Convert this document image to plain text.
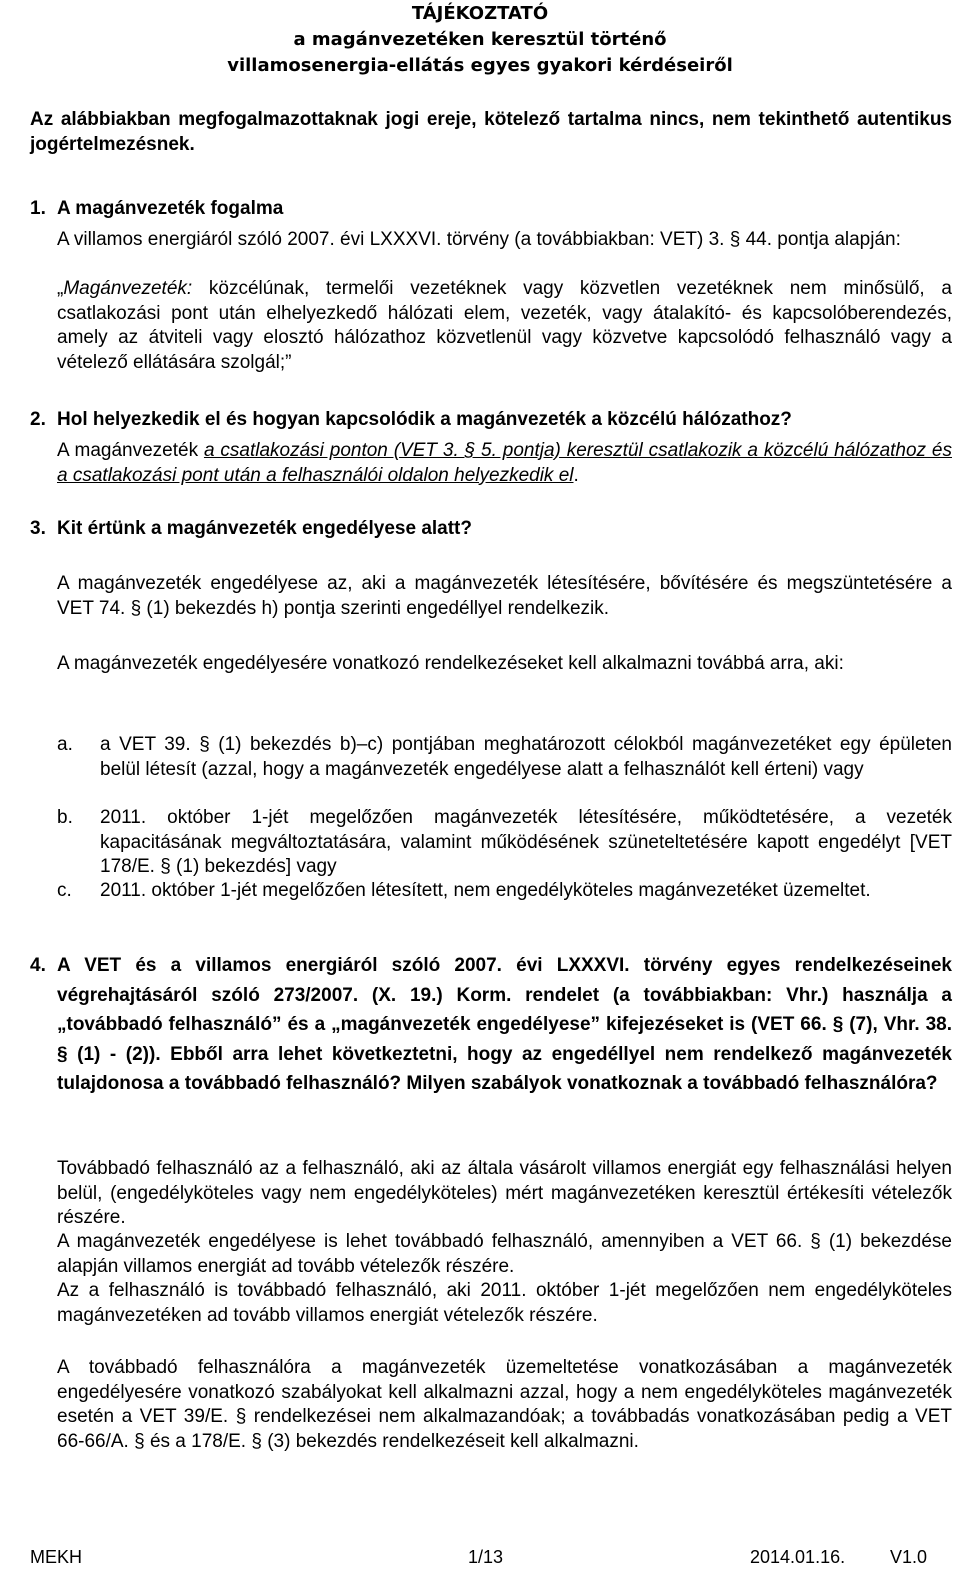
TÁJÉKOZTATÓ
a magánvezetéken keresztül történő
villamosenergia-ellátás egyes gyakori kérdéseiről
Az alábbiakban megfogalmazottaknak jogi ereje, kötelező tartalma nincs, nem tekinthető autentikus jogértelmezésnek.
1. A magánvezeték fogalma
A villamos energiáról szóló 2007. évi LXXXVI. törvény (a továbbiakban: VET) 3. § 44. pontja alapján:
„Magánvezeték: közcélúnak, termelői vezetéknek vagy közvetlen vezetéknek nem minősülő, a csatlakozási pont után elhelyezkedő hálózati elem, vezeték, vagy átalakító- és kapcsolóberendezés, amely az átviteli vagy elosztó hálózathoz közvetlenül vagy közvetve kapcsolódó felhasználó vagy a vételező ellátására szolgál;”
2. Hol helyezkedik el és hogyan kapcsolódik a magánvezeték a közcélú hálózathoz?
A magánvezeték a csatlakozási ponton (VET 3. § 5. pontja) keresztül csatlakozik a közcélú hálózathoz és a csatlakozási pont után a felhasználói oldalon helyezkedik el.
3. Kit értünk a magánvezeték engedélyese alatt?
A magánvezeték engedélyese az, aki a magánvezeték létesítésére, bővítésére és megszüntetésére a VET 74. § (1) bekezdés h) pontja szerinti engedéllyel rendelkezik.
A magánvezeték engedélyesére vonatkozó rendelkezéseket kell alkalmazni továbbá arra, aki:
a. a VET 39. § (1) bekezdés b)–c) pontjában meghatározott célokból magánvezetéket egy épületen belül létesít (azzal, hogy a magánvezeték engedélyese alatt a felhasználót kell érteni) vagy
b. 2011. október 1-jét megelőzően magánvezeték létesítésére, működtetésére, a vezeték kapacitásának megváltoztatására, valamint működésének szüneteltetésére kapott engedélyt [VET 178/E. § (1) bekezdés] vagy
c. 2011. október 1-jét megelőzően létesített, nem engedélyköteles magánvezetéket üzemeltet.
4. A VET és a villamos energiáról szóló 2007. évi LXXXVI. törvény egyes rendelkezéseinek végrehajtásáról szóló 273/2007. (X. 19.) Korm. rendelet (a továbbiakban: Vhr.) használja a „továbbadó felhasználó” és a „magánvezeték engedélyese” kifejezéseket is (VET 66. § (7), Vhr. 38. § (1) - (2)). Ebből arra lehet következtetni, hogy az engedéllyel nem rendelkező magánvezeték tulajdonosa a továbbadó felhasználó? Milyen szabályok vonatkoznak a továbbadó felhasználóra?
Továbbadó felhasználó az a felhasználó, aki az általa vásárolt villamos energiát egy felhasználási helyen belül, (engedélyköteles vagy nem engedélyköteles) mért magánvezetéken keresztül értékesíti vételezők részére.
A magánvezeték engedélyese is lehet továbbadó felhasználó, amennyiben a VET 66. § (1) bekezdése alapján villamos energiát ad tovább vételezők részére.
Az a felhasználó is továbbadó felhasználó, aki 2011. október 1-jét megelőzően nem engedélyköteles magánvezetéken ad tovább villamos energiát vételezők részére.
A továbbadó felhasználóra a magánvezeték üzemeltetése vonatkozásában a magánvezeték engedélyesére vonatkozó szabályokat kell alkalmazni azzal, hogy a nem engedélyköteles magánvezeték esetén a VET 39/E. § rendelkezései nem alkalmazandóak; a továbbadás vonatkozásában pedig a VET 66-66/A. § és a 178/E. § (3) bekezdés rendelkezéseit kell alkalmazni.
MEKH	1/13	2014.01.16. V1.0
